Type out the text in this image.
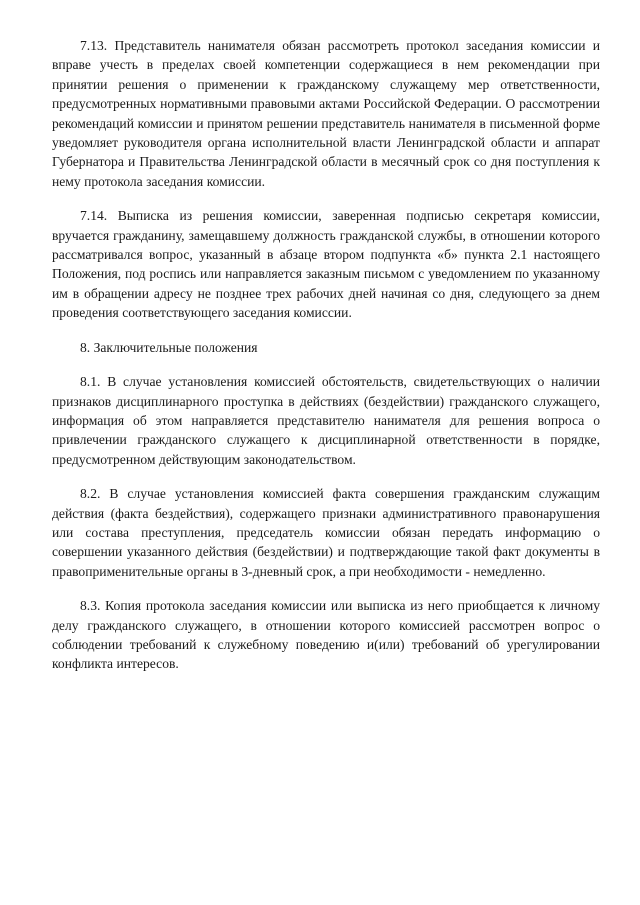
7.13. Представитель нанимателя обязан рассмотреть протокол заседания комиссии и вправе учесть в пределах своей компетенции содержащиеся в нем рекомендации при принятии решения о применении к гражданскому служащему мер ответственности, предусмотренных нормативными правовыми актами Российской Федерации. О рассмотрении рекомендаций комиссии и принятом решении представитель нанимателя в письменной форме уведомляет руководителя органа исполнительной власти Ленинградской области и аппарат Губернатора и Правительства Ленинградской области в месячный срок со дня поступления к нему протокола заседания комиссии.

7.14. Выписка из решения комиссии, заверенная подписью секретаря комиссии, вручается гражданину, замещавшему должность гражданской службы, в отношении которого рассматривался вопрос, указанный в абзаце втором подпункта «б» пункта 2.1 настоящего Положения, под роспись или направляется заказным письмом с уведомлением по указанному им в обращении адресу не позднее трех рабочих дней начиная со дня, следующего за днем проведения соответствующего заседания комиссии.

8. Заключительные положения

8.1. В случае установления комиссией обстоятельств, свидетельствующих о наличии признаков дисциплинарного проступка в действиях (бездействии) гражданского служащего, информация об этом направляется представителю нанимателя для решения вопроса о привлечении гражданского служащего к дисциплинарной ответственности в порядке, предусмотренном действующим законодательством.

8.2. В случае установления комиссией факта совершения гражданским служащим действия (факта бездействия), содержащего признаки административного правонарушения или состава преступления, председатель комиссии обязан передать информацию о совершении указанного действия (бездействии) и подтверждающие такой факт документы в правоприменительные органы в 3-дневный срок, а при необходимости - немедленно.

8.3. Копия протокола заседания комиссии или выписка из него приобщается к личному делу гражданского служащего, в отношении которого комиссией рассмотрен вопрос о соблюдении требований к служебному поведению и(или) требований об урегулировании конфликта интересов.
